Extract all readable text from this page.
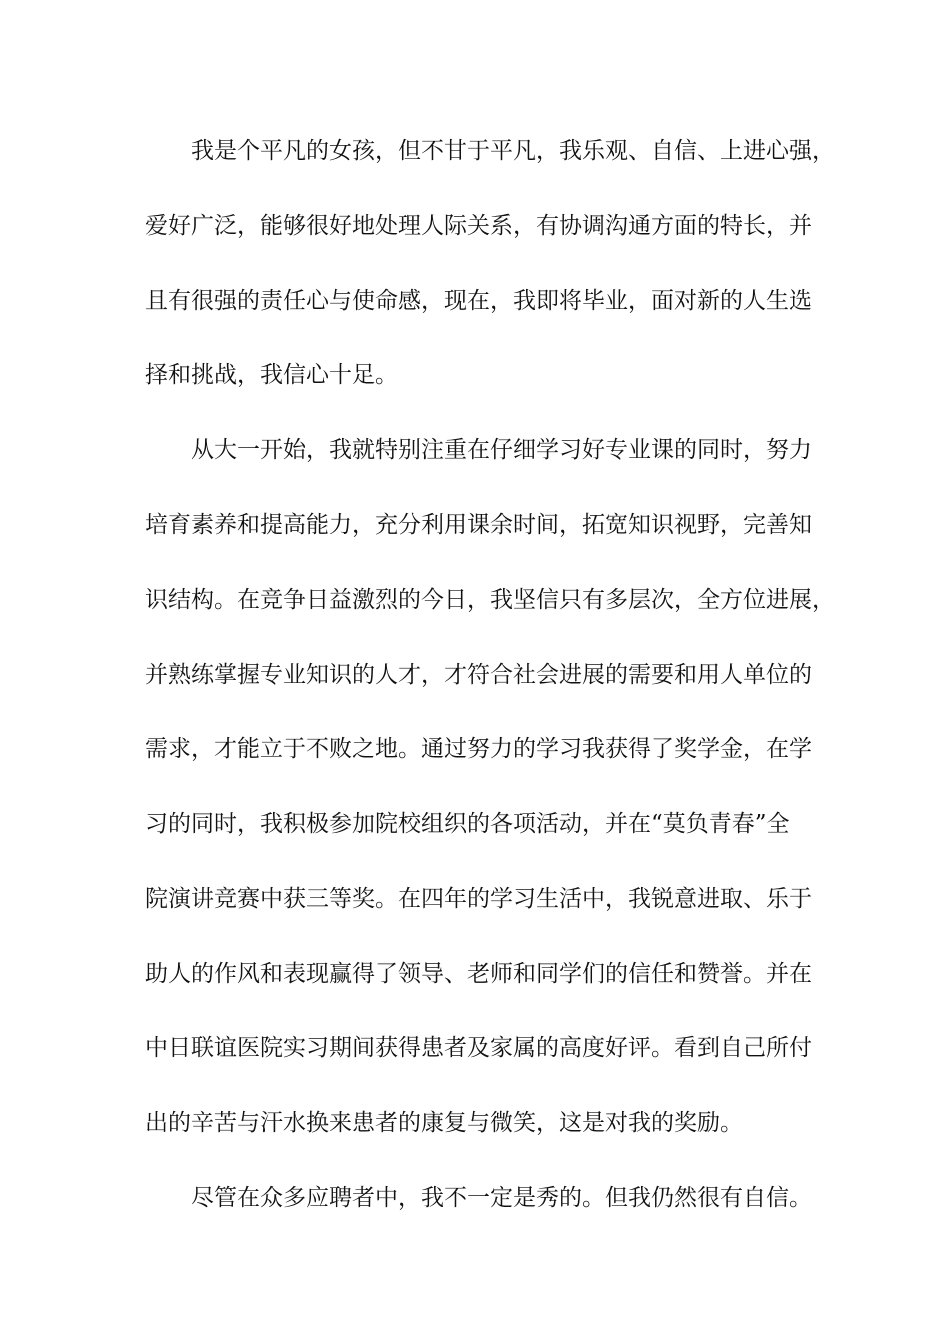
我是个平凡的女孩，但不甘于平凡，我乐观、自信、上进心强，
爱好广泛，能够很好地处理人际关系，有协调沟通方面的特长，并
且有很强的责任心与使命感，现在，我即将毕业，面对新的人生选
择和挑战，我信心十足。
从大一开始，我就特别注重在仔细学习好专业课的同时，努力
培育素养和提高能力，充分利用课余时间，拓宽知识视野，完善知
识结构。在竞争日益激烈的今日，我坚信只有多层次，全方位进展，
并熟练掌握专业知识的人才，才符合社会进展的需要和用人单位的
需求，才能立于不败之地。通过努力的学习我获得了奖学金，在学
习的同时，我积极参加院校组织的各项活动，并在“莫负青春”全
院演讲竞赛中获三等奖。在四年的学习生活中，我锐意进取、乐于
助人的作风和表现赢得了领导、老师和同学们的信任和赞誉。并在
中日联谊医院实习期间获得患者及家属的高度好评。看到自己所付
出的辛苦与汗水换来患者的康复与微笑，这是对我的奖励。
尽管在众多应聘者中，我不一定是秀的。但我仍然很有自信。
